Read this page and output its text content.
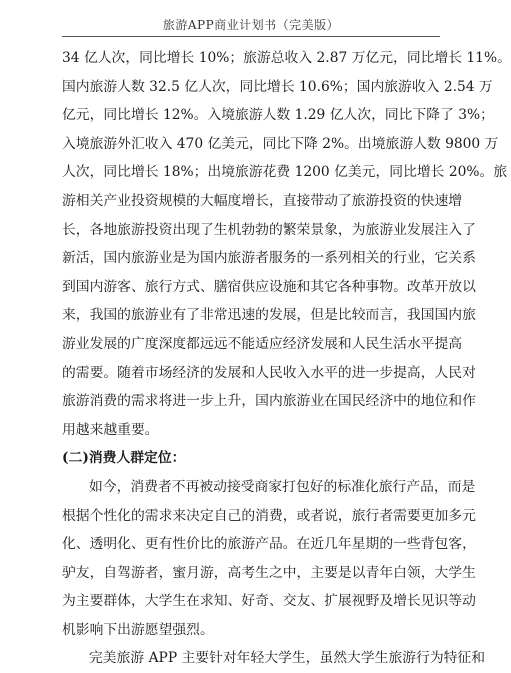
旅游APP商业计划书（完美版）
34 亿人次，同比增长 10%；旅游总收入 2.87 万亿元，同比增长 11%。
国内旅游人数 32.5 亿人次，同比增长 10.6%；国内旅游收入 2.54 万
亿元，同比增长 12%。入境旅游人数 1.29 亿人次，同比下降了 3%；
入境旅游外汇收入 470 亿美元，同比下降 2%。出境旅游人数 9800 万
人次，同比增长 18%；出境旅游花费 1200 亿美元，同比增长 20%。旅
游相关产业投资规模的大幅度增长，直接带动了旅游投资的快速增
长，各地旅游投资出现了生机勃勃的繁荣景象，为旅游业发展注入了
新活，国内旅游业是为国内旅游者服务的一系列相关的行业，它关系
到国内游客、旅行方式、膳宿供应设施和其它各种事物。改革开放以
来，我国的旅游业有了非常迅速的发展，但是比较而言，我国国内旅
游业发展的广度深度都远远不能适应经济发展和人民生活水平提高
的需要。随着市场经济的发展和人民收入水平的进一步提高，人民对
旅游消费的需求将进一步上升，国内旅游业在国民经济中的地位和作
用越来越重要。
(二)消费人群定位：
如今，消费者不再被动接受商家打包好的标准化旅行产品，而是
根据个性化的需求来决定自己的消费，或者说，旅行者需要更加多元
化、透明化、更有性价比的旅游产品。在近几年星期的一些背包客，
驴友，自驾游者，蜜月游，高考生之中，主要是以青年白领，大学生
为主要群体，大学生在求知、好奇、交友、扩展视野及增长见识等动
机影响下出游愿望强烈。
完美旅游 APP 主要针对年轻大学生，虽然大学生旅游行为特征和
